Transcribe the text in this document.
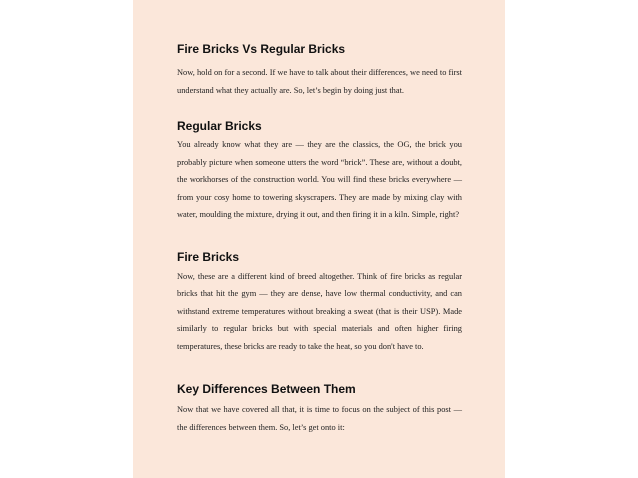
Fire Bricks Vs Regular Bricks

Now, hold on for a second. If we have to talk about their differences, we need to first understand what they actually are. So, let’s begin by doing just that.

Regular Bricks

You already know what they are — they are the classics, the OG, the brick you probably picture when someone utters the word “brick”. These are, without a doubt, the workhorses of the construction world. You will find these bricks everywhere — from your cosy home to towering skyscrapers. They are made by mixing clay with water, moulding the mixture, drying it out, and then firing it in a kiln. Simple, right?

Fire Bricks

Now, these are a different kind of breed altogether. Think of fire bricks as regular bricks that hit the gym — they are dense, have low thermal conductivity, and can withstand extreme temperatures without breaking a sweat (that is their USP). Made similarly to regular bricks but with special materials and often higher firing temperatures, these bricks are ready to take the heat, so you don't have to.

Key Differences Between Them

Now that we have covered all that, it is time to focus on the subject of this post — the differences between them. So, let’s get onto it:
